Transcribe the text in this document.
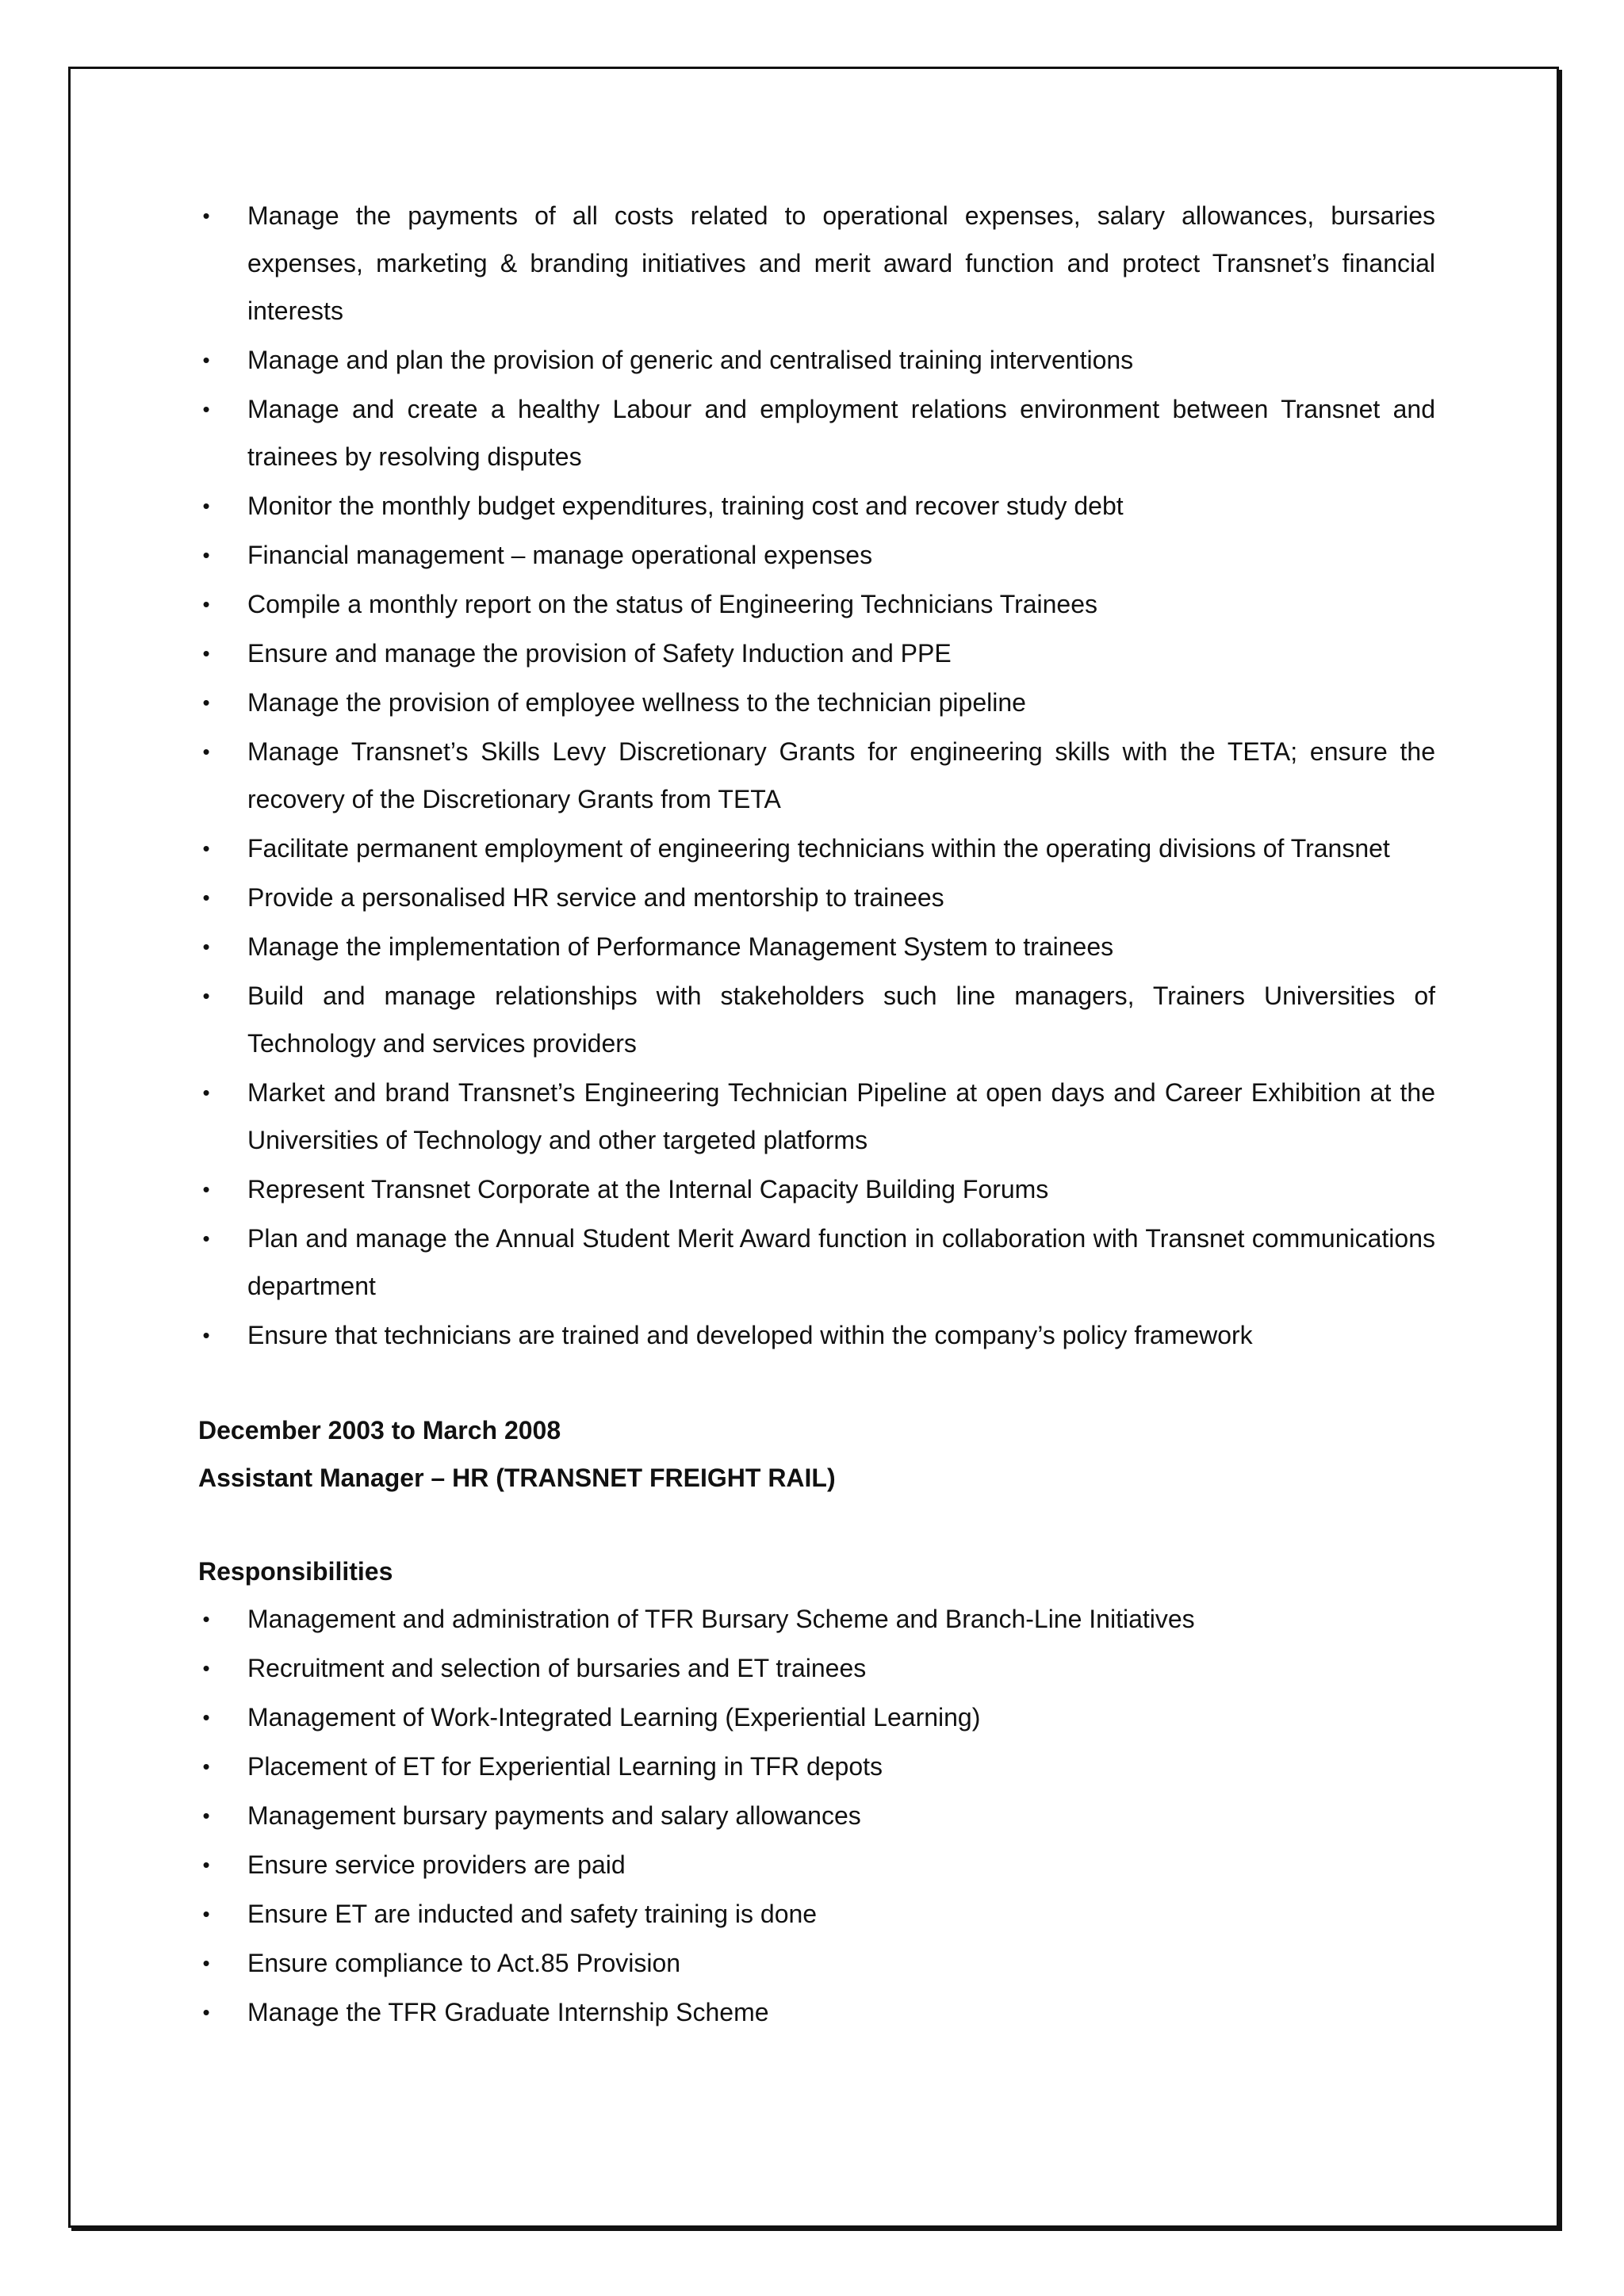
• Manage the payments of all costs related to operational expenses, salary allowances, bursaries expenses, marketing & branding initiatives and merit award function and protect Transnet’s financial interests
• Manage and plan the provision of generic and centralised training interventions
• Manage and create a healthy Labour and employment relations environment between Transnet and trainees by resolving disputes
• Monitor the monthly budget expenditures, training cost and recover study debt
• Financial management – manage operational expenses
• Compile a monthly report on the status of Engineering Technicians Trainees
• Ensure and manage the provision of Safety Induction and PPE
• Manage the provision of employee wellness to the technician pipeline
• Manage Transnet’s Skills Levy Discretionary Grants for engineering skills with the TETA; ensure the recovery of the Discretionary Grants from TETA
• Facilitate permanent employment of engineering technicians within the operating divisions of Transnet
• Provide a personalised HR service and mentorship to trainees
• Manage the implementation of Performance Management System to trainees
• Build and manage relationships with stakeholders such line managers, Trainers Universities of Technology and services providers
• Market and brand Transnet’s Engineering Technician Pipeline at open days and Career Exhibition at the Universities of Technology and other targeted platforms
• Represent Transnet Corporate at the Internal Capacity Building Forums
• Plan and manage the Annual Student Merit Award function in collaboration with Transnet communications department
• Ensure that technicians are trained and developed within the company’s policy framework

December 2003 to March 2008

Assistant Manager – HR (TRANSNET FREIGHT RAIL)

Responsibilities

• Management and administration of TFR Bursary Scheme and Branch-Line Initiatives
• Recruitment and selection of bursaries and ET trainees
• Management of Work-Integrated Learning (Experiential Learning)
• Placement of ET for Experiential Learning in TFR depots
• Management bursary payments and salary allowances
• Ensure service providers are paid
• Ensure ET are inducted and safety training is done
• Ensure compliance to Act.85 Provision
• Manage the TFR Graduate Internship Scheme
